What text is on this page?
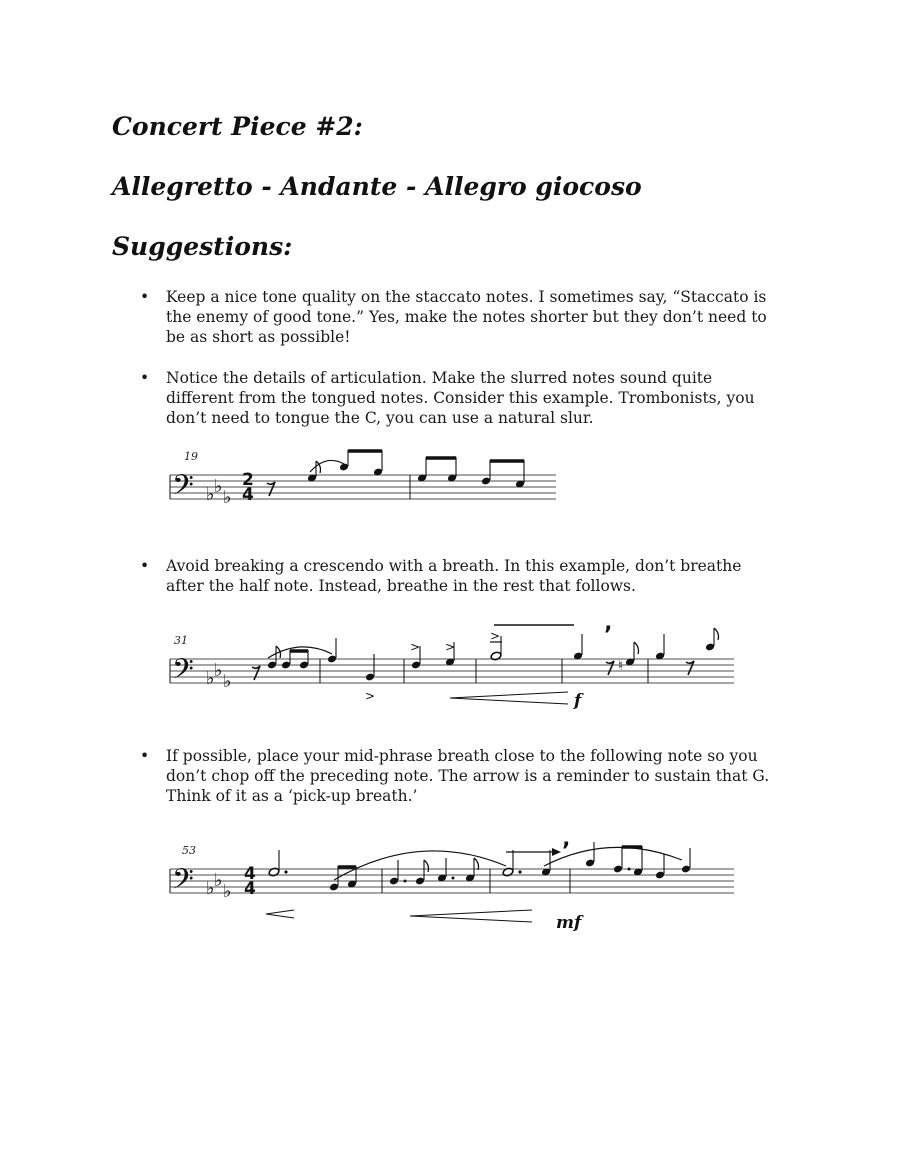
Concert Piece #2:
Allegretto - Andante - Allegro giocoso
Suggestions:
• Keep a nice tone quality on the staccato notes. I sometimes say, “Staccato is the enemy of good tone.” Yes, make the notes shorter but they don’t need to be as short as possible!
• Notice the details of articulation. Make the slurred notes sound quite different from the tongued notes. Consider this example. Trombonists, you don’t need to tongue the C, you can use a natural slur.
19
𝄢 ♭ ♭
♭
2
4
• Avoid breaking a crescendo with a breath. In this example, don’t breathe after the half note. Instead, breathe in the rest that follows.
31
𝄢 ♭ ♭
♭
>
> >
>	’
♮
f
• If possible, place your mid-phrase breath close to the following note so you don’t chop off the preceding note. The arrow is a reminder to sustain that G. Think of it as a ‘pick-up breath.’
53
𝄢 ♭ ♭
♭
4
4
’
mf
